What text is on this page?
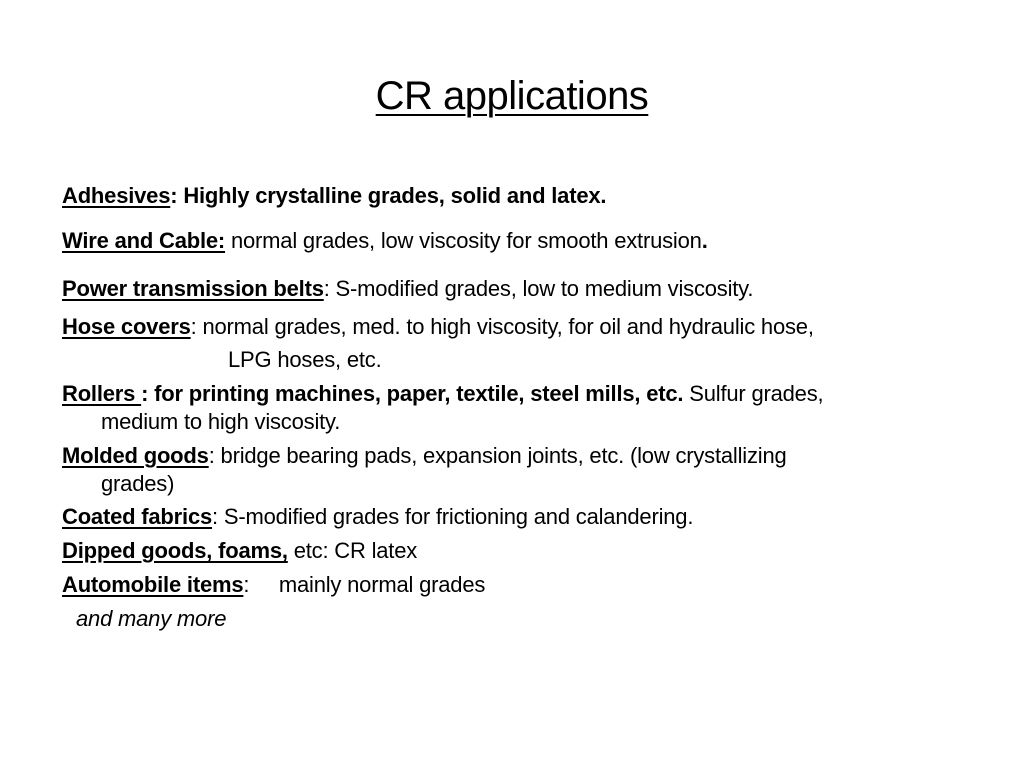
CR applications
Adhesives: Highly crystalline grades, solid and latex.
Wire and Cable: normal grades, low viscosity for smooth extrusion.
Power transmission belts: S-modified grades, low to medium viscosity.
Hose covers: normal grades, med. to high viscosity, for oil and hydraulic hose,
LPG hoses, etc.
Rollers : for printing machines, paper, textile, steel mills, etc. Sulfur grades,
medium to high viscosity.
Molded goods: bridge bearing pads, expansion joints, etc. (low crystallizing
grades)
Coated fabrics: S-modified grades for frictioning and calandering.
Dipped goods, foams, etc: CR latex
Automobile items:     mainly normal grades
and many more
